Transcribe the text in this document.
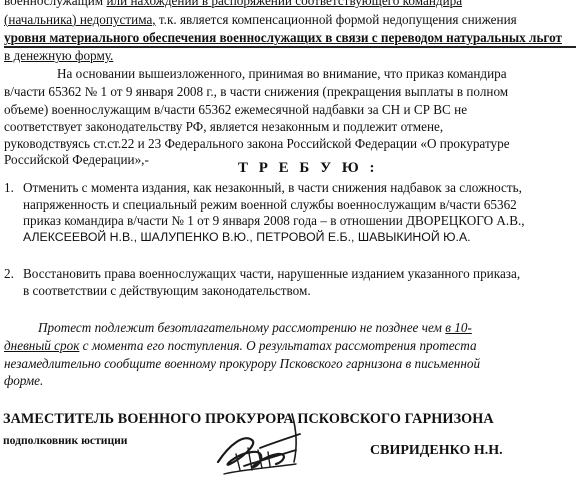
военнослужащим или нахождении в распоряжении соответствующего командира
(начальника) недопустима, т.к. является компенсационной формой недопущения снижения
уровня материального обеспечения военнослужащих в связи с переводом натуральных льгот
в денежную форму.
На основании вышеизложенного, принимая во внимание, что приказ командира
в/части 65362 № 1 от 9 января 2008 г., в части снижения (прекращения выплаты в полном
объеме) военнослужащим в/части 65362 ежемесячной надбавки за СН и СР ВС не
соответствует законодательству РФ, является незаконным и подлежит отмене,
руководствуясь ст.ст.22 и 23 Федерального закона Российской Федерации «О прокуратуре
Российской Федерации»,-
Т Р Е Б У Ю :
1. Отменить с момента издания, как незаконный, в части снижения надбавок за сложность,
напряженность и специальный режим военной службы военнослужащим в/части 65362
приказ командира в/части № 1 от 9 января 2008 года – в отношении ДВОРЕЦКОГО А.В.,
АЛЕКСЕЕВОЙ Н.В., ШАЛУПЕНКО В.Ю., ПЕТРОВОЙ Е.Б., ШАВЫКИНОЙ Ю.А.
2. Восстановить права военнослужащих части, нарушенные изданием указанного приказа,
в соответствии с действующим законодательством.
Протест подлежит безотлагательному рассмотрению не позднее чем в 10-
дневный срок с момента его поступления. О результатах рассмотрения протеста
незамедлительно сообщите военному прокурору Псковского гарнизона в письменной
форме.
ЗАМЕСТИТЕЛЬ ВОЕННОГО ПРОКУРОРА ПСКОВСКОГО ГАРНИЗОНА
подполковник юстиции
СВИРИДЕНКО Н.Н.
